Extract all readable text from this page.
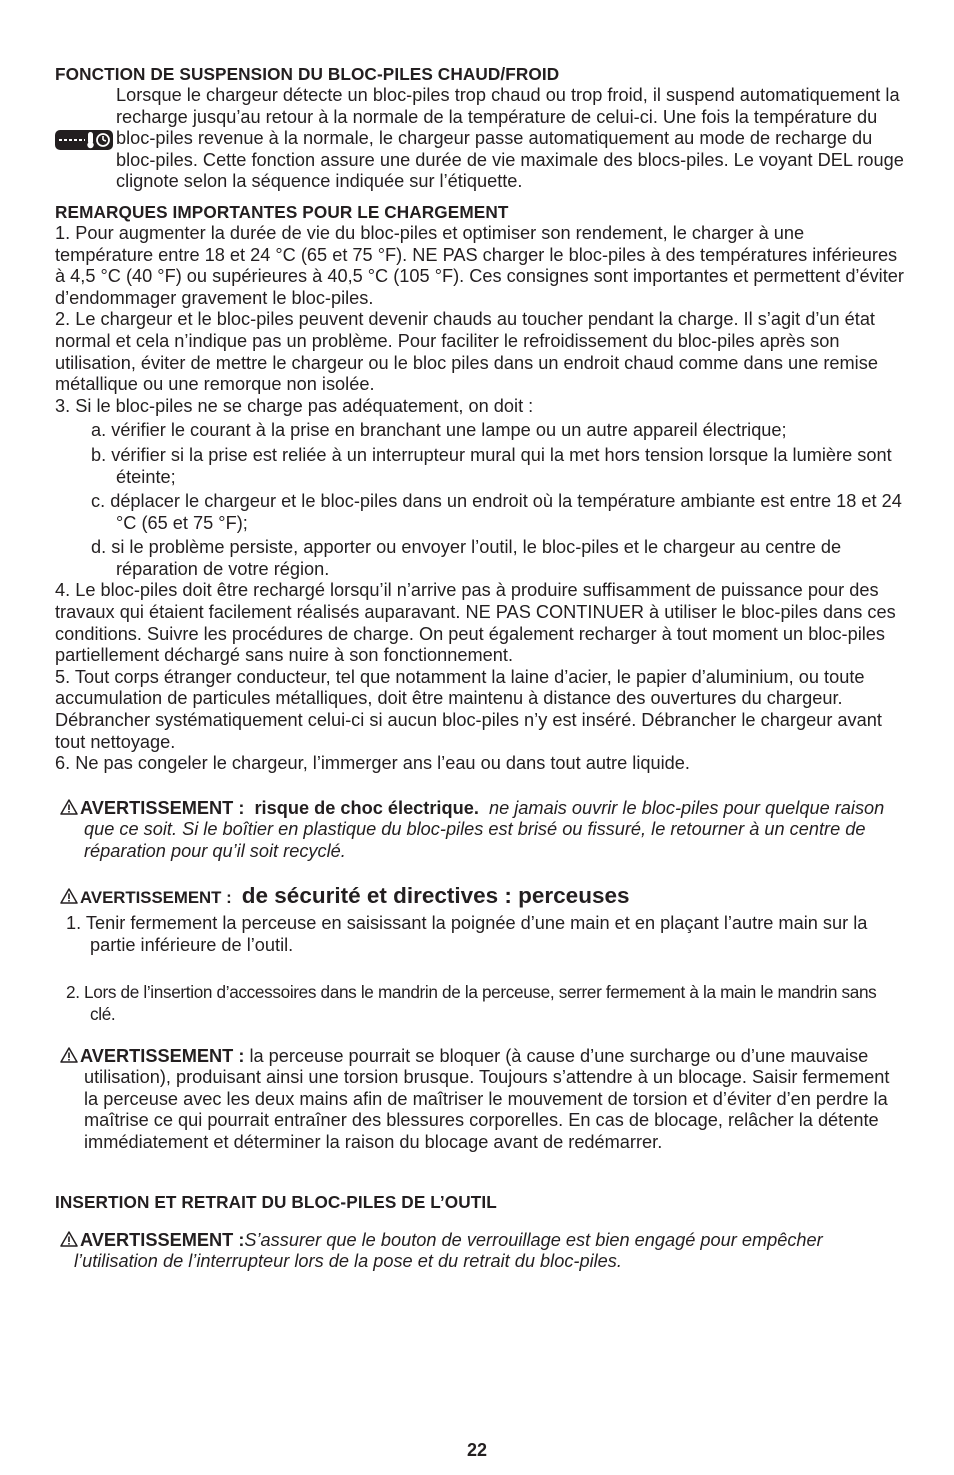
FONCTION DE SUSPENSION DU BLOC-PILES CHAUD/FROID

Lorsque le chargeur détecte un bloc-piles trop chaud ou trop froid, il suspend automatiquement la recharge jusqu’au retour à la normale de la température de celui-ci. Une fois la température du bloc-piles revenue à la normale, le chargeur passe automatiquement au mode de recharge du bloc-piles. Cette fonction assure une durée de vie maximale des blocs-piles. Le voyant DEL rouge clignote selon la séquence indiquée sur l’étiquette.

REMARQUES IMPORTANTES POUR LE CHARGEMENT

1. Pour augmenter la durée de vie du bloc-piles et optimiser son rendement, le charger à une température entre 18 et 24 °C (65 et 75 °F). NE PAS charger le bloc-piles à des températures inférieures à 4,5 °C (40 °F) ou supérieures à 40,5 °C (105 °F). Ces consignes sont importantes et permettent d’éviter d’endommager gravement le bloc-piles.

2. Le chargeur et le bloc-piles peuvent devenir chauds au toucher pendant la charge. Il s’agit d’un état normal et cela n’indique pas un problème. Pour faciliter le refroidissement du bloc-piles après son utilisation, éviter de mettre le chargeur ou le bloc piles dans un endroit chaud comme dans une remise métallique ou une remorque non isolée.

3. Si le bloc-piles ne se charge pas adéquatement, on doit :

a. vérifier le courant à la prise en branchant une lampe ou un autre appareil électrique;

b. vérifier si la prise est reliée à un interrupteur mural qui la met hors tension lorsque la lumière sont éteinte;

c. déplacer le chargeur et le bloc-piles dans un endroit où la température ambiante est entre 18 et 24 °C (65 et 75 °F);

d. si le problème persiste, apporter ou envoyer l’outil, le bloc-piles et le chargeur au centre de réparation de votre région.

4. Le bloc-piles doit être rechargé lorsqu’il n’arrive pas à produire suffisamment de puissance pour des travaux qui étaient facilement réalisés auparavant. NE PAS CONTINUER à utiliser le bloc-piles dans ces conditions. Suivre les procédures de charge. On peut également recharger à tout moment un bloc-piles partiellement déchargé sans nuire à son fonctionnement.

5. Tout corps étranger conducteur, tel que notamment la laine d’acier, le papier d’aluminium, ou toute accumulation de particules métalliques, doit être maintenu à distance des ouvertures du chargeur. Débrancher systématiquement celui-ci si aucun bloc-piles n’y est inséré. Débrancher le chargeur avant tout nettoyage.

6. Ne pas congeler le chargeur, l’immerger ans l’eau ou dans tout autre liquide.

AVERTISSEMENT : risque de choc électrique. ne jamais ouvrir le bloc-piles pour quelque raison que ce soit. Si le boîtier en plastique du bloc-piles est brisé ou fissuré, le retourner à un centre de réparation pour qu’il soit recyclé.

AVERTISSEMENT : de sécurité et directives : perceuses

1. Tenir fermement la perceuse en saisissant la poignée d’une main et en plaçant l’autre main sur la partie inférieure de l’outil.

2. Lors de l’insertion d’accessoires dans le mandrin de la perceuse, serrer fermement à la main le mandrin sans clé.

AVERTISSEMENT : la perceuse pourrait se bloquer (à cause d’une surcharge ou d’une mauvaise utilisation), produisant ainsi une torsion brusque. Toujours s’attendre à un blocage. Saisir fermement la perceuse avec les deux mains afin de maîtriser le mouvement de torsion et d’éviter d’en perdre la maîtrise ce qui pourrait entraîner des blessures corporelles. En cas de blocage, relâcher la détente immédiatement et déterminer la raison du blocage avant de redémarrer.

INSERTION ET RETRAIT DU BLOC-PILES DE L’OUTIL

AVERTISSEMENT :S’assurer que le bouton de verrouillage est bien engagé pour empêcher l’utilisation de l’interrupteur lors de la pose et du retrait du bloc-piles.

22
